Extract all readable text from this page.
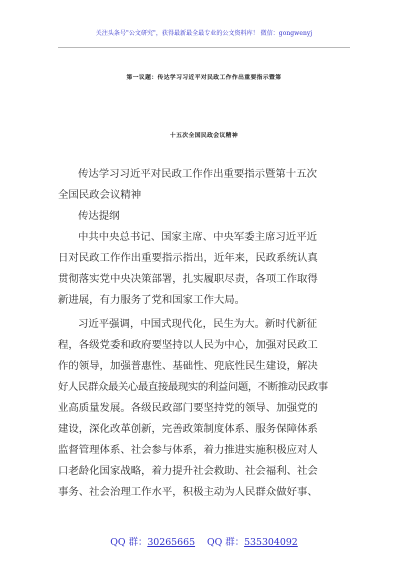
关注头条号"公文研究"，获得最新最全最专业的公文资料库！ 微信：gongwenyj
第一议题：传达学习习近平对民政工作作出重要指示暨第
十五次全国民政会议精神
传达学习习近平对民政工作作出重要指示暨第十五次
全国民政会议精神
传达提纲
中共中央总书记、国家主席、中央军委主席习近平近
日对民政工作作出重要指示指出，近年来，民政系统认真
贯彻落实党中央决策部署，扎实履职尽责，各项工作取得
新进展，有力服务了党和国家工作大局。
习近平强调，中国式现代化，民生为大。新时代新征
程，各级党委和政府要坚持以人民为中心，加强对民政工
作的领导，加强普惠性、基础性、兜底性民生建设，解决
好人民群众最关心最直接最现实的利益问题，不断推动民政事
业高质量发展。各级民政部门要坚持党的领导、加强党的
建设，深化改革创新，完善政策制度体系、服务保障体系
监督管理体系、社会参与体系，着力推进实施积极应对人
口老龄化国家战略，着力提升社会救助、社会福利、社会
事务、社会治理工作水平，积极主动为人民群众做好事、
QQ 群：30265665 QQ 群：535304092
